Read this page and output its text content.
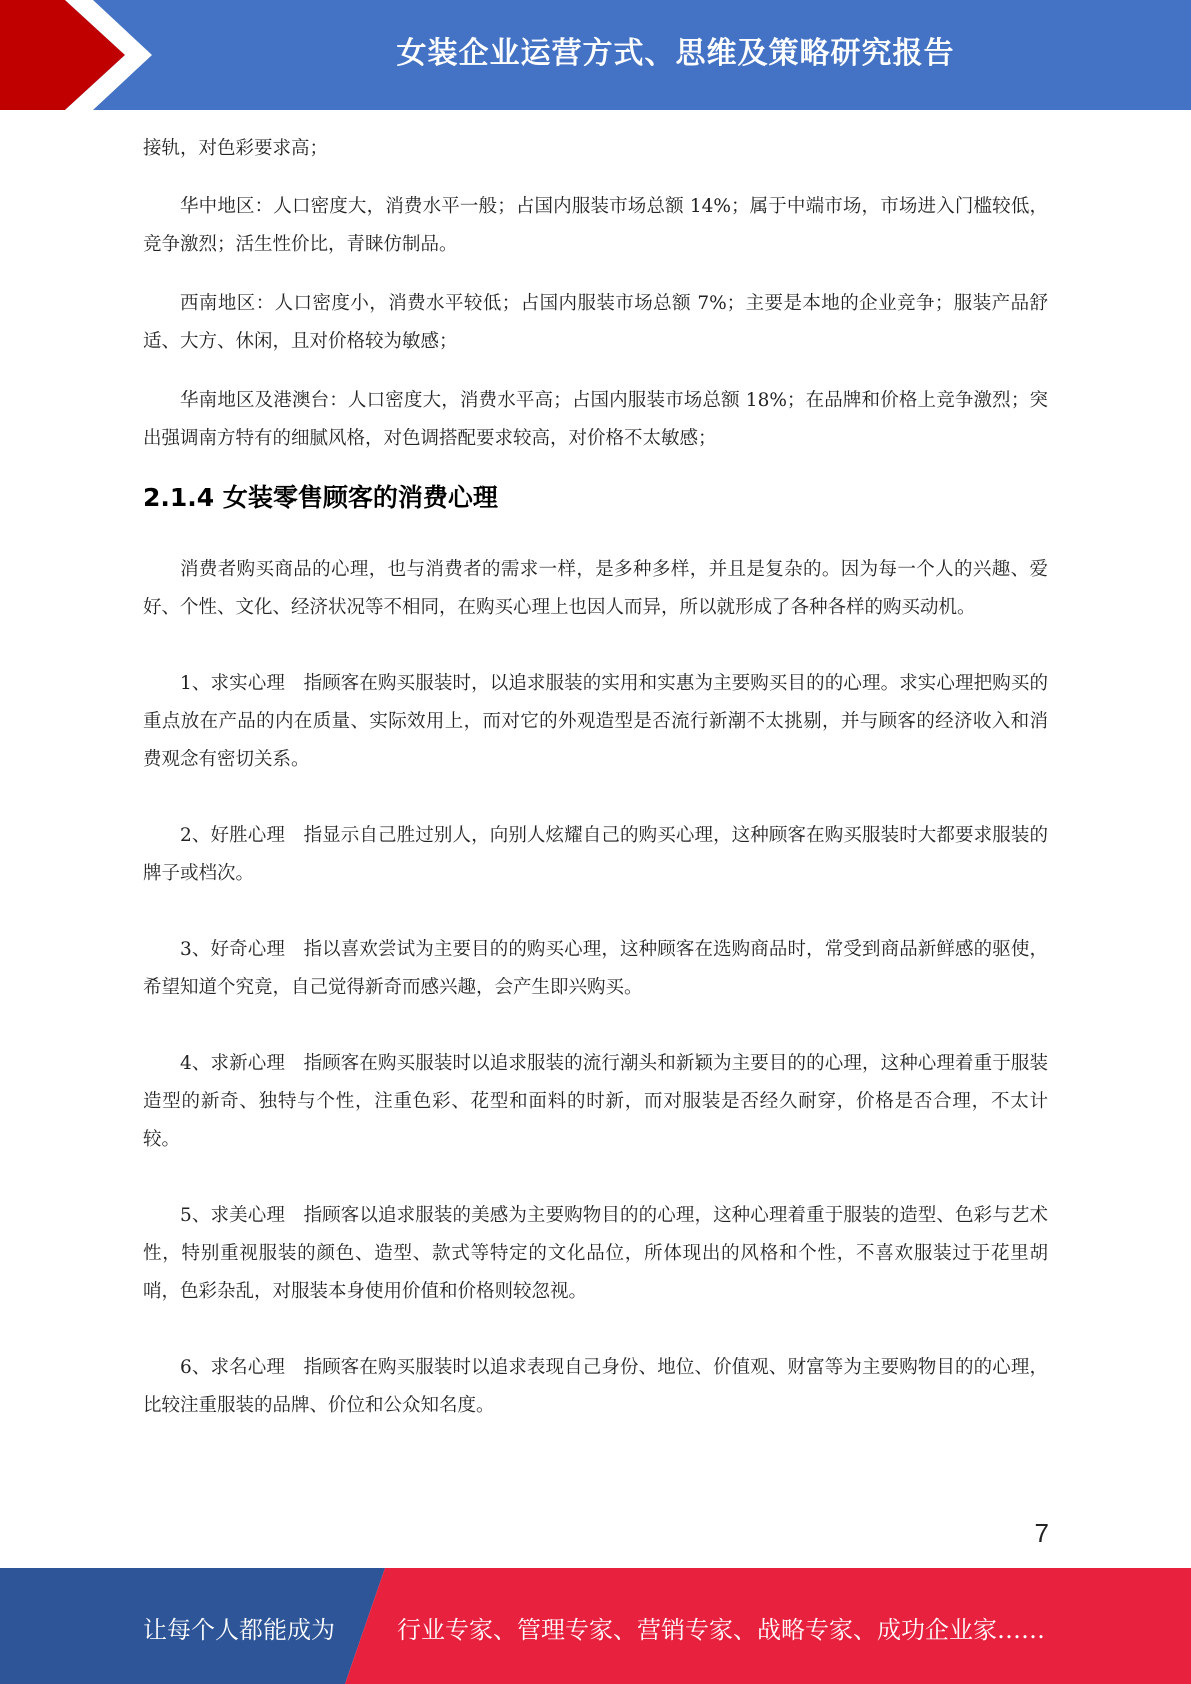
女装企业运营方式、思维及策略研究报告

接轨，对色彩要求高；

华中地区：人口密度大，消费水平一般；占国内服装市场总额 14%；属于中端市场，市场进入门槛较低，竞争激烈；活生性价比，青睐仿制品。

西南地区：人口密度小，消费水平较低；占国内服装市场总额 7%；主要是本地的企业竞争；服装产品舒适、大方、休闲，且对价格较为敏感；

华南地区及港澳台：人口密度大，消费水平高；占国内服装市场总额 18%；在品牌和价格上竞争激烈；突出强调南方特有的细腻风格，对色调搭配要求较高，对价格不太敏感；

2.1.4 女装零售顾客的消费心理

消费者购买商品的心理，也与消费者的需求一样，是多种多样，并且是复杂的。因为每一个人的兴趣、爱好、个性、文化、经济状况等不相同，在购买心理上也因人而异，所以就形成了各种各样的购买动机。

1、求实心理　指顾客在购买服装时，以追求服装的实用和实惠为主要购买目的的心理。求实心理把购买的重点放在产品的内在质量、实际效用上，而对它的外观造型是否流行新潮不太挑剔，并与顾客的经济收入和消费观念有密切关系。

2、好胜心理　指显示自己胜过别人，向别人炫耀自己的购买心理，这种顾客在购买服装时大都要求服装的牌子或档次。

3、好奇心理　指以喜欢尝试为主要目的的购买心理，这种顾客在选购商品时，常受到商品新鲜感的驱使，希望知道个究竟，自己觉得新奇而感兴趣，会产生即兴购买。

4、求新心理　指顾客在购买服装时以追求服装的流行潮头和新颖为主要目的的心理，这种心理着重于服装造型的新奇、独特与个性，注重色彩、花型和面料的时新，而对服装是否经久耐穿，价格是否合理，不太计较。

5、求美心理　指顾客以追求服装的美感为主要购物目的的心理，这种心理着重于服装的造型、色彩与艺术性，特别重视服装的颜色、造型、款式等特定的文化品位，所体现出的风格和个性，不喜欢服装过于花里胡哨，色彩杂乱，对服装本身使用价值和价格则较忽视。

6、求名心理　指顾客在购买服装时以追求表现自己身份、地位、价值观、财富等为主要购物目的的心理，比较注重服装的品牌、价位和公众知名度。

7
让每个人都能成为	行业专家、管理专家、营销专家、战略专家、成功企业家……
